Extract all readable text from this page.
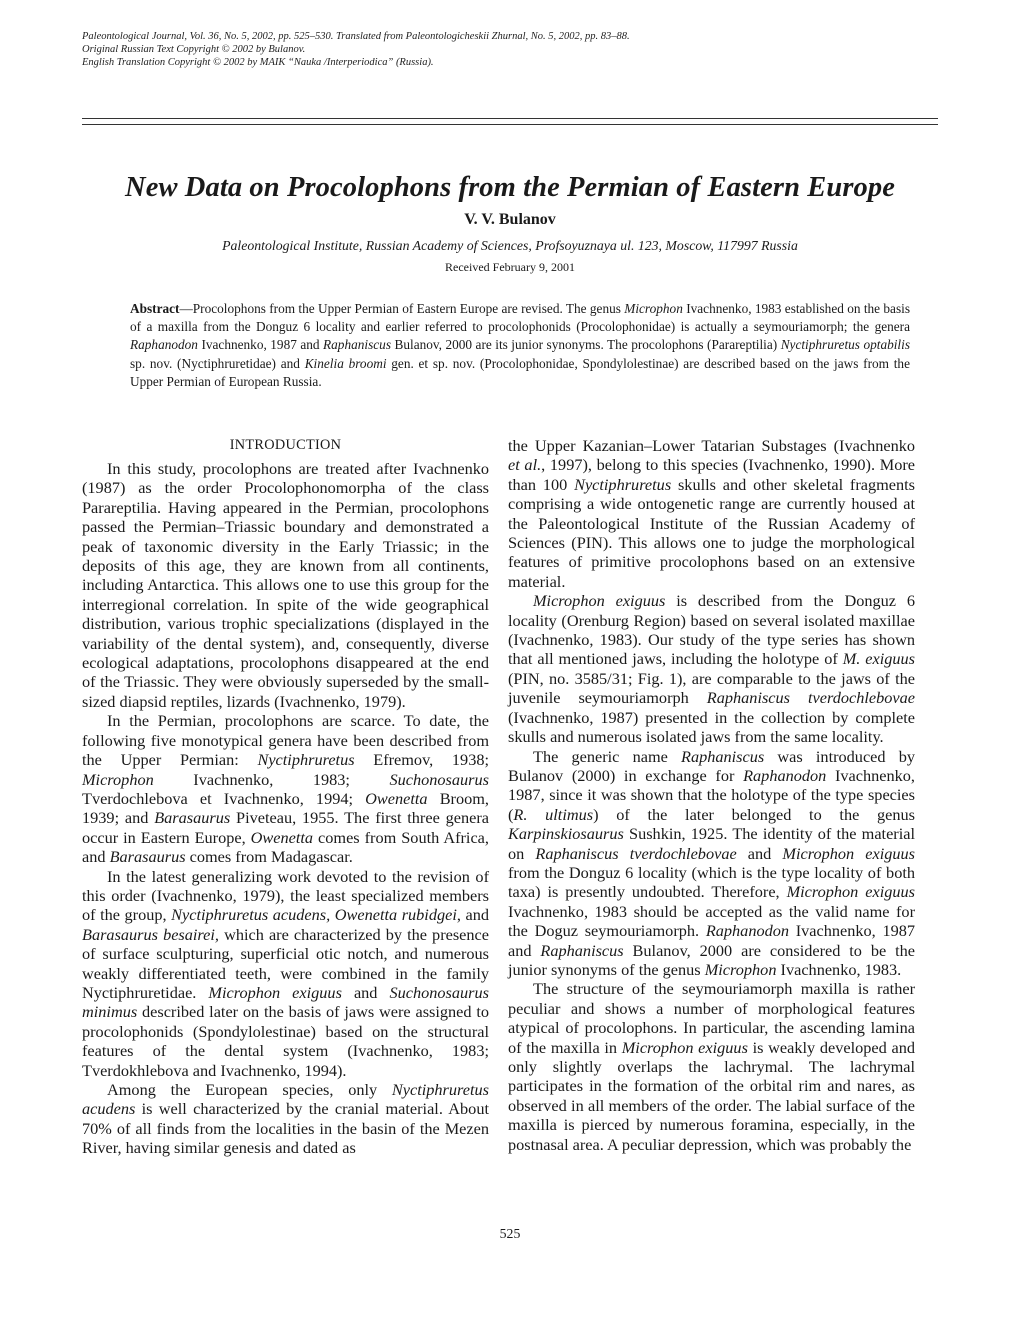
Paleontological Journal, Vol. 36, No. 5, 2002, pp. 525–530. Translated from Paleontologicheskii Zhurnal, No. 5, 2002, pp. 83–88.
Original Russian Text Copyright © 2002 by Bulanov.
English Translation Copyright © 2002 by MAIK “Nauka /Interperiodica” (Russia).
New Data on Procolophons from the Permian of Eastern Europe
V. V. Bulanov
Paleontological Institute, Russian Academy of Sciences, Profsoyuznaya ul. 123, Moscow, 117997 Russia
Received February 9, 2001
Abstract—Procolophons from the Upper Permian of Eastern Europe are revised. The genus Microphon Ivachnenko, 1983 established on the basis of a maxilla from the Donguz 6 locality and earlier referred to procolophonids (Procolophonidae) is actually a seymouriamorph; the genera Raphanodon Ivachnenko, 1987 and Raphaniscus Bulanov, 2000 are its junior synonyms. The procolophons (Parareptilia) Nyctiphruretus optabilis sp. nov. (Nyctiphruretidae) and Kinelia broomi gen. et sp. nov. (Procolophonidae, Spondylolestinae) are described based on the jaws from the Upper Permian of European Russia.
INTRODUCTION

In this study, procolophons are treated after Ivachnenko (1987) as the order Procolophonomorpha of the class Parareptilia. Having appeared in the Permian, procolophons passed the Permian–Triassic boundary and demonstrated a peak of taxonomic diversity in the Early Triassic; in the deposits of this age, they are known from all continents, including Antarctica. This allows one to use this group for the interregional correlation. In spite of the wide geographical distribution, various trophic specializations (displayed in the variability of the dental system), and, consequently, diverse ecological adaptations, procolophons disappeared at the end of the Triassic. They were obviously superseded by the small-sized diapsid reptiles, lizards (Ivachnenko, 1979).

In the Permian, procolophons are scarce. To date, the following five monotypical genera have been described from the Upper Permian: Nyctiphruretus Efremov, 1938; Microphon Ivachnenko, 1983; Suchonosaurus Tverdochlebova et Ivachnenko, 1994; Owenetta Broom, 1939; and Barasaurus Piveteau, 1955. The first three genera occur in Eastern Europe, Owenetta comes from South Africa, and Barasaurus comes from Madagascar.

In the latest generalizing work devoted to the revision of this order (Ivachnenko, 1979), the least specialized members of the group, Nyctiphruretus acudens, Owenetta rubidgei, and Barasaurus besairei, which are characterized by the presence of surface sculpturing, superficial otic notch, and numerous weakly differentiated teeth, were combined in the family Nyctiphruretidae. Microphon exiguus and Suchonosaurus minimus described later on the basis of jaws were assigned to procolophonids (Spondylolestinae) based on the structural features of the dental system (Ivachnenko, 1983; Tverdokhlebova and Ivachnenko, 1994).

Among the European species, only Nyctiphruretus acudens is well characterized by the cranial material. About 70% of all finds from the localities in the basin of the Mezen River, having similar genesis and dated as

the Upper Kazanian–Lower Tatarian Substages (Ivachnenko et al., 1997), belong to this species (Ivachnenko, 1990). More than 100 Nyctiphruretus skulls and other skeletal fragments comprising a wide ontogenetic range are currently housed at the Paleontological Institute of the Russian Academy of Sciences (PIN). This allows one to judge the morphological features of primitive procolophons based on an extensive material.

Microphon exiguus is described from the Donguz 6 locality (Orenburg Region) based on several isolated maxillae (Ivachnenko, 1983). Our study of the type series has shown that all mentioned jaws, including the holotype of M. exiguus (PIN, no. 3585/31; Fig. 1), are comparable to the jaws of the juvenile seymouriamorph Raphaniscus tverdochlebovae (Ivachnenko, 1987) presented in the collection by complete skulls and numerous isolated jaws from the same locality.

The generic name Raphaniscus was introduced by Bulanov (2000) in exchange for Raphanodon Ivachnenko, 1987, since it was shown that the holotype of the type species (R. ultimus) of the later belonged to the genus Karpinskiosaurus Sushkin, 1925. The identity of the material on Raphaniscus tverdochlebovae and Microphon exiguus from the Donguz 6 locality (which is the type locality of both taxa) is presently undoubted. Therefore, Microphon exiguus Ivachnenko, 1983 should be accepted as the valid name for the Doguz seymouriamorph. Raphanodon Ivachnenko, 1987 and Raphaniscus Bulanov, 2000 are considered to be the junior synonyms of the genus Microphon Ivachnenko, 1983.

The structure of the seymouriamorph maxilla is rather peculiar and shows a number of morphological features atypical of procolophons. In particular, the ascending lamina of the maxilla in Microphon exiguus is weakly developed and only slightly overlaps the lachrymal. The lachrymal participates in the formation of the orbital rim and nares, as observed in all members of the order. The labial surface of the maxilla is pierced by numerous foramina, especially, in the postnasal area. A peculiar depression, which was probably the

525
